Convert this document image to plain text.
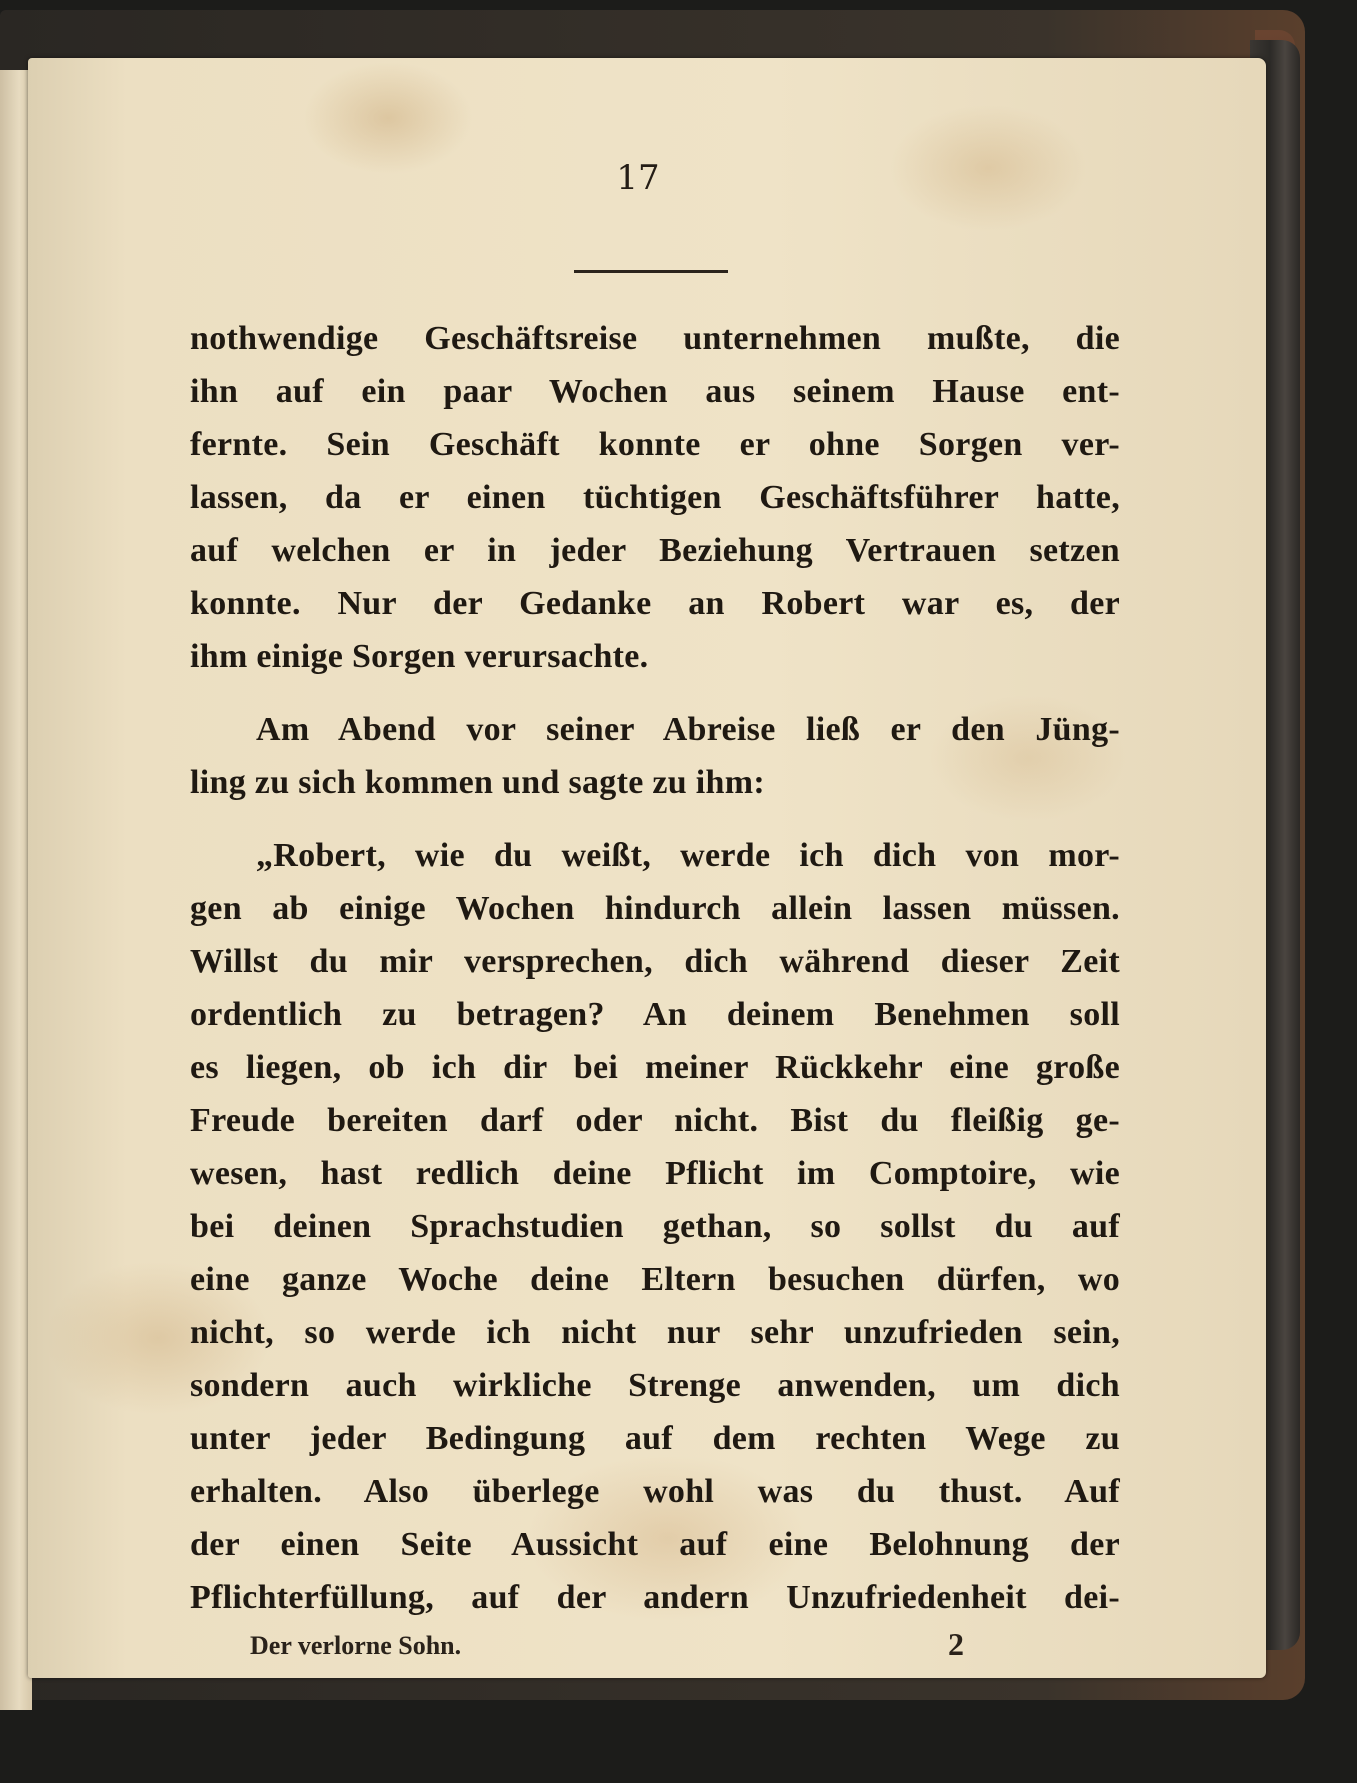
17
nothwendige Geschäftsreise unternehmen mußte, die
ihn auf ein paar Wochen aus seinem Hause ent-
fernte. Sein Geschäft konnte er ohne Sorgen ver-
lassen, da er einen tüchtigen Geschäftsführer hatte,
auf welchen er in jeder Beziehung Vertrauen setzen
konnte. Nur der Gedanke an Robert war es, der
ihm einige Sorgen verursachte.
Am Abend vor seiner Abreise ließ er den Jüng-
ling zu sich kommen und sagte zu ihm:
„Robert, wie du weißt, werde ich dich von mor-
gen ab einige Wochen hindurch allein lassen müssen.
Willst du mir versprechen, dich während dieser Zeit
ordentlich zu betragen? An deinem Benehmen soll
es liegen, ob ich dir bei meiner Rückkehr eine große
Freude bereiten darf oder nicht. Bist du fleißig ge-
wesen, hast redlich deine Pflicht im Comptoire, wie
bei deinen Sprachstudien gethan, so sollst du auf
eine ganze Woche deine Eltern besuchen dürfen, wo
nicht, so werde ich nicht nur sehr unzufrieden sein,
sondern auch wirkliche Strenge anwenden, um dich
unter jeder Bedingung auf dem rechten Wege zu
erhalten. Also überlege wohl was du thust. Auf
der einen Seite Aussicht auf eine Belohnung der
Pflichterfüllung, auf der andern Unzufriedenheit dei-
Der verlorne Sohn.	2
